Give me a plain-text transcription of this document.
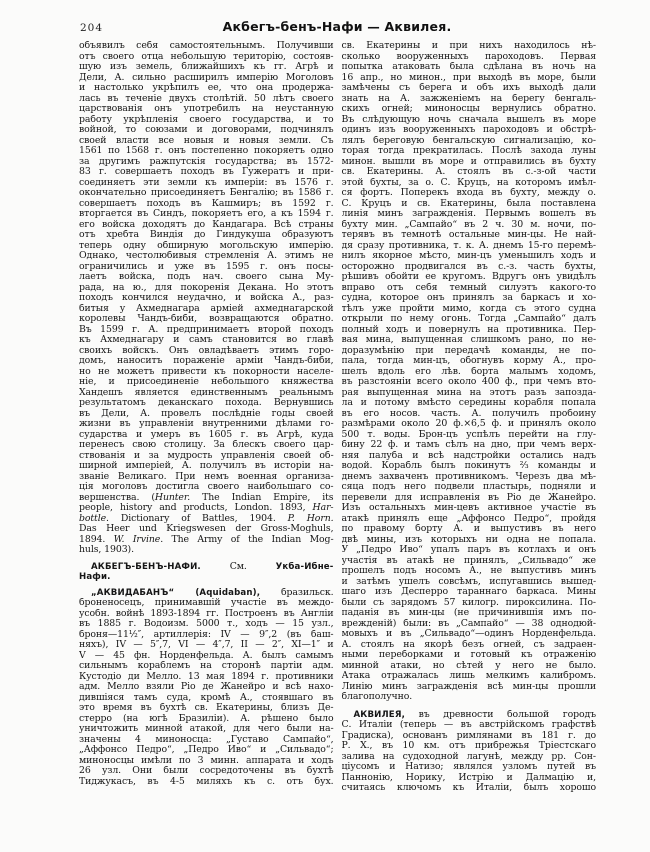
204	Акбегъ-бенъ-Нафи — Аквилея.
объявилъ себя самостоятельнымъ. Получивши
отъ своего отца небольшую територію, состояв-
шую изъ земель, ближайшихъ къ гг. Агрѣ и
Дели, А. сильно расширилъ имперію Моголовъ
и настолько укрѣпилъ ее, что она продержа-
лась въ теченіе двухъ столѣтій. 50 лѣтъ своего
царствованія онъ употребилъ на неустанную
работу укрѣпленія своего государства, и то
войной, то союзами и договорами, подчинялъ
своей власти все новыя и новыя земли. Съ
1561 по 1568 г. онъ постепенно покоряетъ одно
за другимъ ражпутскія государства; въ 1572-
83 г. совершаетъ походъ въ Гужератъ и при-
соединяетъ эти земли къ имперіи: въ 1576 г.
окончательно присоединяетъ Бенгалію; въ 1586 г.
совершаетъ походъ въ Кашмиръ; въ 1592 г.
вторгается въ Синдъ, покоряетъ его, а къ 1594 г.
его войска доходятъ до Кандагара. Всѣ страны
отъ хребта Виндія до Гиндукуша образуютъ
теперь одну обширную могольскую имперію.
Однако, честолюбивыя стремленія А. этимъ не
ограничились и уже въ 1595 г. онъ посы-
лаетъ войска, подъ нач. своего сына Му-
рада, на ю., для покоренія Декана. Но этотъ
походъ кончился неудачно, и войска А., раз-
битыя у Ахмеднагара арміей ахмеднагарской
королевы Чандъ-биби, возвращаются обратно.
Въ 1599 г. А. предпринимаетъ второй походъ
къ Ахмеднагару и самъ становится во главѣ
своихъ войскъ. Онъ овладѣваетъ этимъ горо-
домъ, наноситъ пораженіе арміи Чандъ-биби,
но не можетъ привести къ покорности населе-
ніе, и присоединеніе небольшого княжества
Хандешъ является единственнымъ реальнымъ
результатомъ деканскаго похода. Вернувшись
въ Дели, А. провелъ послѣдніе годы своей
жизни въ управленіи внутренними дѣлами го-
сударства и умеръ въ 1605 г. въ Агрѣ, куда
перенесъ свою столицу. За блескъ своего цар-
ствованія и за мудрость управленія своей об-
ширной имперіей, А. получилъ въ исторіи на-
званіе Великаго. При немъ военная организа-
ція моголовъ достигла своего наибольшаго со-
вершенства. (Hunter. The Indian Empire, its
people, history and products, London. 1893, Har-
bottle. Dictionary of Battles, 1904. P. Horn.
Das Heer und Kriegswesen der Gross-Moghuls,
1894. W. Irvine. The Army of the Indian Mog-
huls, 1903).
АКБЕГЪ-БЕНЪ-НАФИ. См. Укба-Ибне-
Нафи.
„АКВИДАБАНЪ“ (Aquidaban), бразильск.
броненосецъ, принимавшій участіе въ междо-
усобн. войнѣ 1893-1894 гг. Построенъ въ Англіи
въ 1885 г. Водоизм. 5000 т., ходъ — 15 узл.,
броня—11½″, артиллерія: IV — 9″,2 (въ баш-
няхъ), IV — 5″,7, VI — 4″,7, II — 2″, XI—1″ и
V — 45 фн. Норденфельда. А. былъ самымъ
сильнымъ кораблемъ на сторонѣ партіи адм.
Кустодіо ди Мелло. 13 мая 1894 г. противники
адм. Мелло взяли Ріо де Жанейро и всѣ нахо-
дившіяся тамъ суда, кромѣ А., стоявшаго въ
это время въ бухтѣ св. Екатерины, близъ Де-
стерро (на югѣ Бразиліи). А. рѣшено было
уничтожить минной атакой, для чего были на-
значены 4 миноносца: „Густаво Сампайо“,
„Аффонсо Педро“, „Педро Иво“ и „Сильвадо“;
миноносцы имѣли по 3 минн. аппарата и ходъ
26 узл. Они были сосредоточены въ бухтѣ
Тиджукасъ, въ 4-5 миляхъ къ с. отъ бух.
св. Екатерины и при нихъ находилось нѣ-
сколько вооруженныхъ пароходовъ. Первая
попытка атаковать была сдѣлана въ ночь на
16 апр., но минон., при выходѣ въ море, были
замѣчены съ берега и объ ихъ выходѣ дали
знать на А. зажженіемъ на берегу бенгаль-
скихъ огней; миноносцы вернулись обратно.
Въ слѣдующую ночь сначала вышелъ въ море
одинъ изъ вооруженныхъ пароходовъ и обстрѣ-
лялъ береговую бенгальскую сигнализацію, ко-
торая тогда прекратилась. Послѣ захода луны
минон. вышли въ море и отправились въ бухту
св. Екатерины. А. стоялъ въ с.-з-ой части
этой бухты, за о. С. Круцъ, на которомъ имѣл-
ся фортъ. Поперекъ входа въ бухту, между о.
С. Круцъ и св. Екатерины, была поставлена
линія минъ загражденія. Первымъ вошелъ въ
бухту мин. „Сампайо“ въ 2 ч. 30 м. ночи, по-
терявъ въ темнотѣ остальные мин-цы. Не най-
дя сразу противника, т. к. А. днемъ 15-го перемѣ-
нилъ якорное мѣсто, мин-цъ уменьшилъ ходъ и
осторожно продвигался въ с.-з. часть бухты,
рѣшивъ обойти ее кругомъ. Вдругъ онъ увидѣлъ
вправо отъ себя темный силуэтъ какого-то
судна, которое онъ принялъ за баркасъ и хо-
тѣлъ уже пройти мимо, когда съ этого судна
открыли по нему огонь. Тогда „Сампайо“ далъ
полный ходъ и повернулъ на противника. Пер-
вая мина, выпущенная слишкомъ рано, по не-
доразумѣнію при передачѣ команды, не по-
пала, тогда мин-цъ, обогнувъ корму А., про-
шелъ вдоль его лѣв. борта малымъ ходомъ,
въ разстояніи всего около 400 ф., при чемъ вто-
рая выпущенная мина на этотъ разъ запозда-
ла и потому вмѣсто середины корабля попала
въ его носов. часть. А. получилъ пробоину
размѣрами около 20 ф.×6,5 ф. и принялъ около
500 т. воды. Брон-цъ успѣлъ перейти на глу-
бину 22 ф. и тамъ сѣлъ на дно, при чемъ верх-
няя палуба и всѣ надстройки остались надъ
водой. Корабль былъ покинутъ ⅔ команды и
днемъ захваченъ противникомъ. Черезъ два мѣ-
сяца подъ него подвели пластырь, подняли и
перевели для исправленія въ Ріо де Жанейро.
Изъ остальныхъ мин-цевъ активное участіе въ
атакѣ принялъ еще „Аффонсо Педро“, пройдя
по правому борту А. и выпустивъ въ него
двѣ мины, изъ которыхъ ни одна не попала.
У „Педро Иво“ упалъ паръ въ котлахъ и онъ
участія въ атакѣ не принялъ, „Сильвадо“ же
прошелъ подъ носомъ А., не выпустивъ минъ
и затѣмъ ушелъ совсѣмъ, испугавшись вышед-
шаго изъ Десперро тараннаго баркаса. Мины
были съ зарядомъ 57 килогр. пироксилина. По-
паданія въ мин-цы (не причинившія имъ по-
врежденій) были: въ „Сампайо“ — 38 однодюй-
мовыхъ и въ „Сильвадо“—одинъ Норденфельда.
А. стоялъ на якорѣ безъ огней, съ задраен-
ными переборками и готовый къ отраженію
минной атаки, но сѣтей у него не было.
Атака отражалась лишь мелкимъ калибромъ.
Линію минъ загражденія всѣ мин-цы прошли
благополучно.
АКВИЛЕЯ, въ древности большой городъ
С. Италіи (теперь — въ австрійскомъ графствѣ
Градиска), основанъ римлянами въ 181 г. до
Р. Х., въ 10 км. отъ прибрежья Тріестскаго
залива на судоходной лагунѣ, между рр. Сон-
ціусомъ и Натизо; являлся узломъ путей въ
Паннонію, Норику, Истрію и Далмацію и,
считаясь ключомъ къ Италіи, былъ хорошо
